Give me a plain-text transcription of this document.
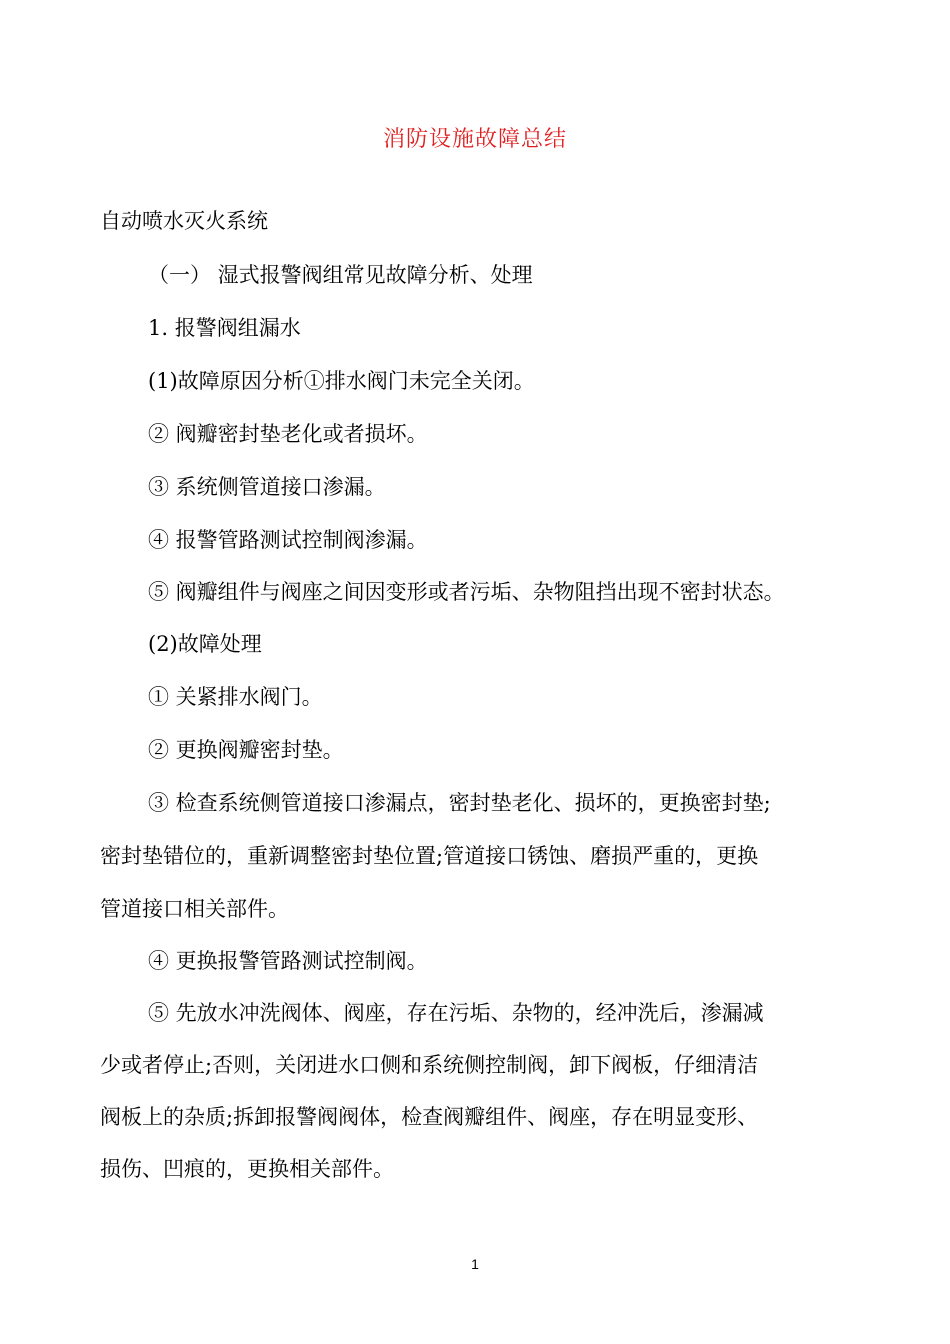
消防设施故障总结
自动喷水灭火系统
（一） 湿式报警阀组常见故障分析、处理
1. 报警阀组漏水
(1)故障原因分析①排水阀门未完全关闭。
② 阀瓣密封垫老化或者损坏。
③ 系统侧管道接口渗漏。
④ 报警管路测试控制阀渗漏。
⑤ 阀瓣组件与阀座之间因变形或者污垢、杂物阻挡出现不密封状态。
(2)故障处理
① 关紧排水阀门。
② 更换阀瓣密封垫。
③ 检查系统侧管道接口渗漏点，密封垫老化、损坏的，更换密封垫;
密封垫错位的，重新调整密封垫位置;管道接口锈蚀、磨损严重的，更换
管道接口相关部件。
④ 更换报警管路测试控制阀。
⑤ 先放水冲洗阀体、阀座，存在污垢、杂物的，经冲洗后，渗漏减
少或者停止;否则，关闭进水口侧和系统侧控制阀，卸下阀板，仔细清洁
阀板上的杂质;拆卸报警阀阀体，检查阀瓣组件、阀座，存在明显变形、
损伤、凹痕的，更换相关部件。
1
